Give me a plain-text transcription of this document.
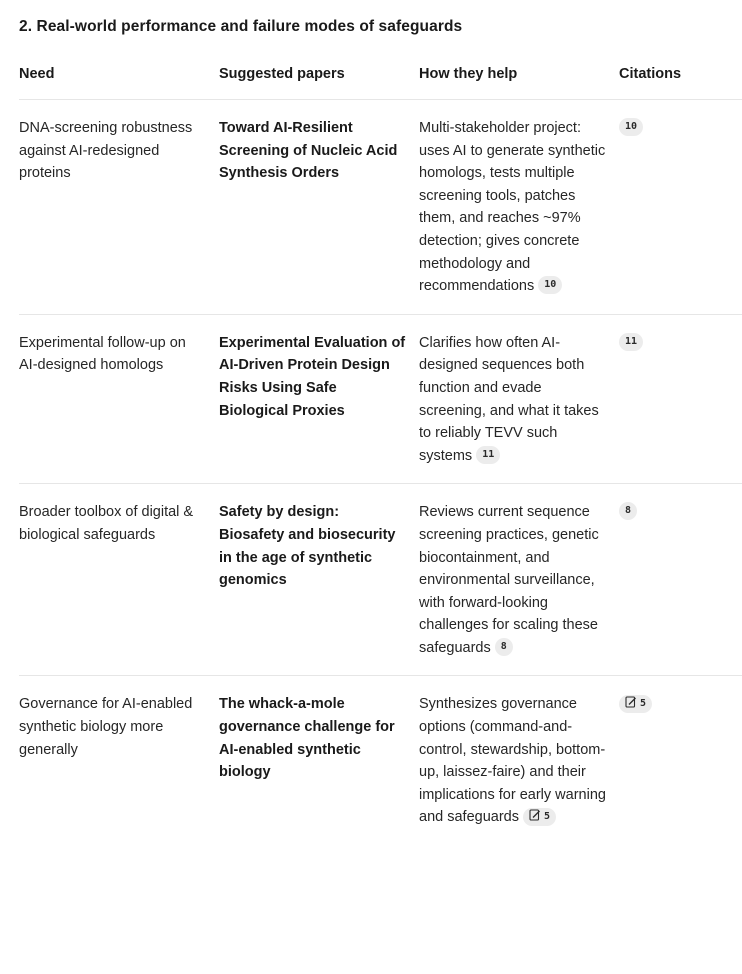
2. Real-world performance and failure modes of safeguards
Need	Suggested papers	How they help	Citations
DNA-screening robustness against AI-redesigned proteins	Toward AI-Resilient Screening of Nucleic Acid Synthesis Orders	Multi-stakeholder project: uses AI to generate synthetic homologs, tests multiple screening tools, patches them, and reaches ~97% detection; gives concrete methodology and recommendations 10	10
Experimental follow-up on AI-designed homologs	Experimental Evaluation of AI-Driven Protein Design Risks Using Safe Biological Proxies	Clarifies how often AI-designed sequences both function and evade screening, and what it takes to reliably TEVV such systems 11	11
Broader toolbox of digital & biological safeguards	Safety by design: Biosafety and biosecurity in the age of synthetic genomics	Reviews current sequence screening practices, genetic biocontainment, and environmental surveillance, with forward-looking challenges for scaling these safeguards 8	8
Governance for AI-enabled synthetic biology more generally	The whack-a-mole governance challenge for AI-enabled synthetic biology	Synthesizes governance options (command-and-control, stewardship, bottom-up, laissez-faire) and their implications for early warning and safeguards 5	5
